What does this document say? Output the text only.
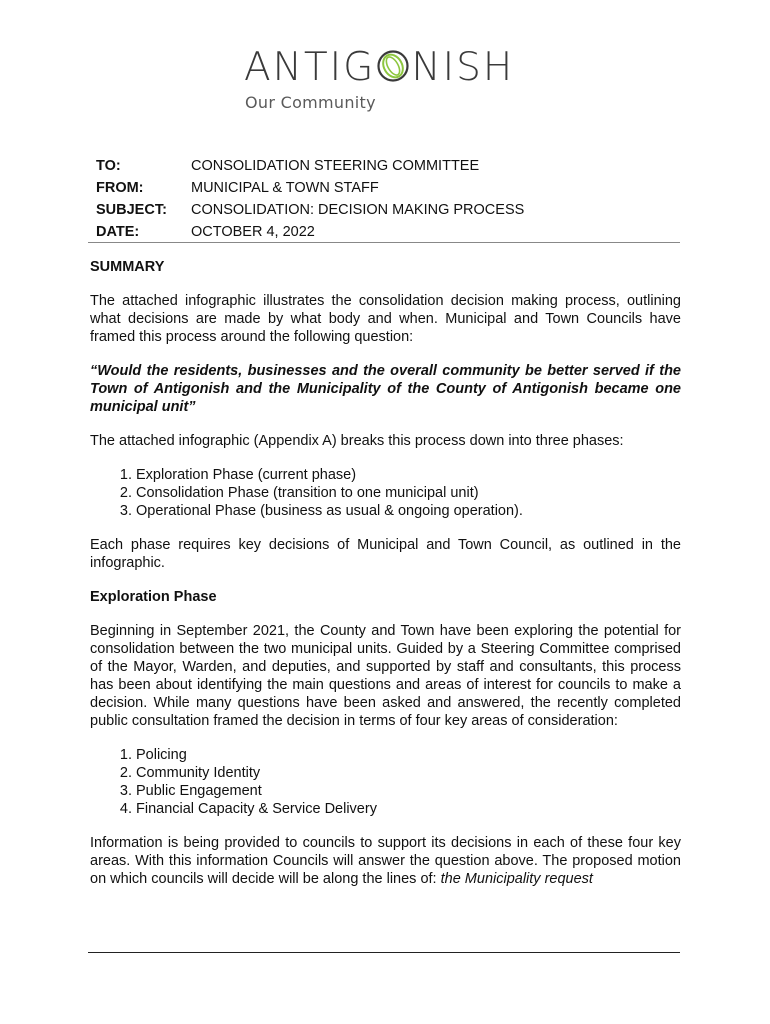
ANTIG NISH
Our Community
TO:	CONSOLIDATION STEERING COMMITTEE
FROM:	MUNICIPAL & TOWN STAFF
SUBJECT:	CONSOLIDATION: DECISION MAKING PROCESS
DATE:	OCTOBER 4, 2022

SUMMARY

The attached infographic illustrates the consolidation decision making process, outlining what decisions are made by what body and when. Municipal and Town Councils have framed this process around the following question:

“Would the residents, businesses and the overall community be better served if the Town of Antigonish and the Municipality of the County of Antigonish became one municipal unit”

The attached infographic (Appendix A) breaks this process down into three phases:

1. Exploration Phase (current phase)
2. Consolidation Phase (transition to one municipal unit)
3. Operational Phase (business as usual & ongoing operation).

Each phase requires key decisions of Municipal and Town Council, as outlined in the infographic.

Exploration Phase

Beginning in September 2021, the County and Town have been exploring the potential for consolidation between the two municipal units. Guided by a Steering Committee comprised of the Mayor, Warden, and deputies, and supported by staff and consultants, this process has been about identifying the main questions and areas of interest for councils to make a decision. While many questions have been asked and answered, the recently completed public consultation framed the decision in terms of four key areas of consideration:

1. Policing
2. Community Identity
3. Public Engagement
4. Financial Capacity & Service Delivery

Information is being provided to councils to support its decisions in each of these four key areas. With this information Councils will answer the question above. The proposed motion on which councils will decide will be along the lines of: the Municipality request
